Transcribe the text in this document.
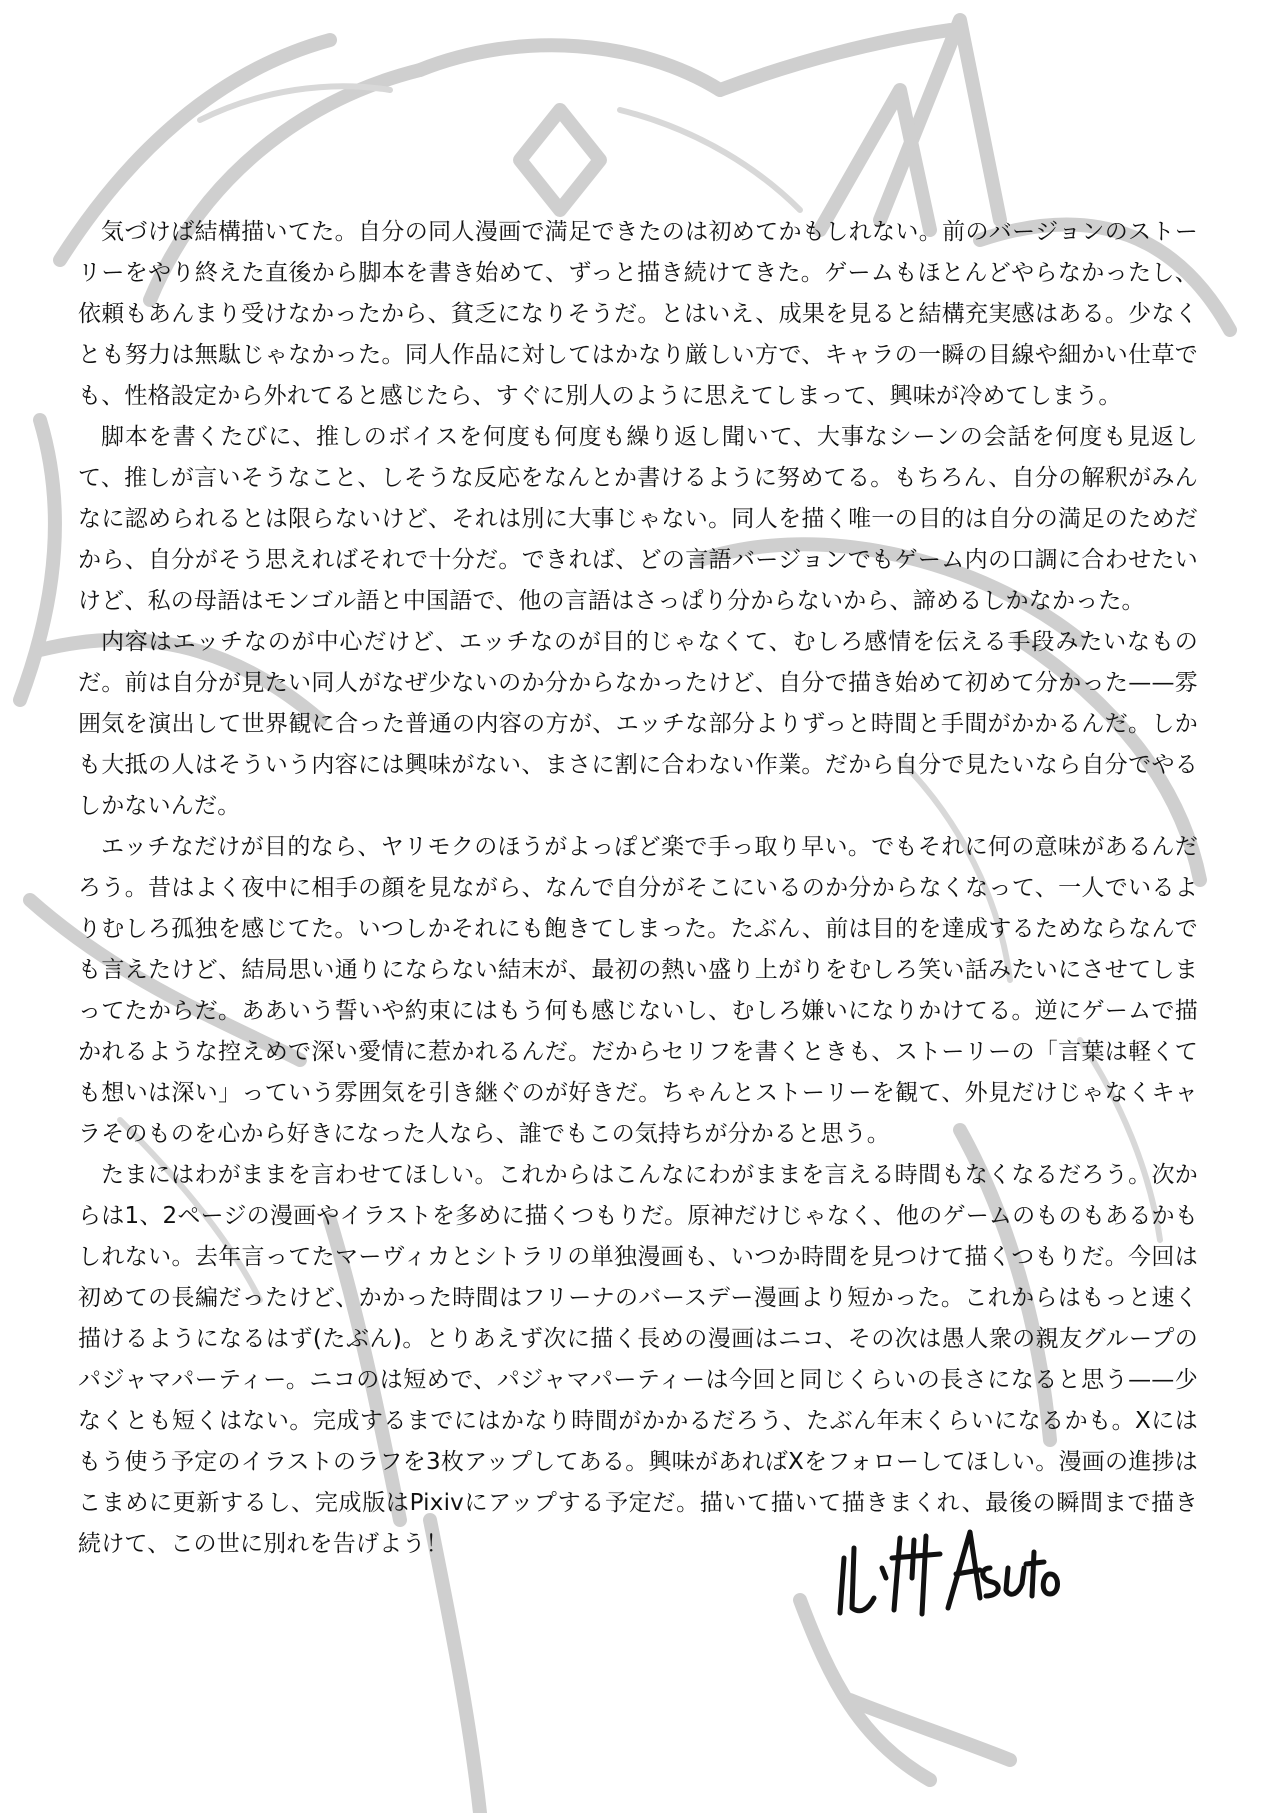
気づけば結構描いてた。自分の同人漫画で満足できたのは初めてかもしれない。前のバージョンのストーリーをやり終えた直後から脚本を書き始めて、ずっと描き続けてきた。ゲームもほとんどやらなかったし、依頼もあんまり受けなかったから、貧乏になりそうだ。とはいえ、成果を見ると結構充実感はある。少なくとも努力は無駄じゃなかった。同人作品に対してはかなり厳しい方で、キャラの一瞬の目線や細かい仕草でも、性格設定から外れてると感じたら、すぐに別人のように思えてしまって、興味が冷めてしまう。

脚本を書くたびに、推しのボイスを何度も何度も繰り返し聞いて、大事なシーンの会話を何度も見返して、推しが言いそうなこと、しそうな反応をなんとか書けるように努めてる。もちろん、自分の解釈がみんなに認められるとは限らないけど、それは別に大事じゃない。同人を描く唯一の目的は自分の満足のためだから、自分がそう思えればそれで十分だ。できれば、どの言語バージョンでもゲーム内の口調に合わせたいけど、私の母語はモンゴル語と中国語で、他の言語はさっぱり分からないから、諦めるしかなかった。

内容はエッチなのが中心だけど、エッチなのが目的じゃなくて、むしろ感情を伝える手段みたいなものだ。前は自分が見たい同人がなぜ少ないのか分からなかったけど、自分で描き始めて初めて分かった——雰囲気を演出して世界観に合った普通の内容の方が、エッチな部分よりずっと時間と手間がかかるんだ。しかも大抵の人はそういう内容には興味がない、まさに割に合わない作業。だから自分で見たいなら自分でやるしかないんだ。

エッチなだけが目的なら、ヤリモクのほうがよっぽど楽で手っ取り早い。でもそれに何の意味があるんだろう。昔はよく夜中に相手の顔を見ながら、なんで自分がそこにいるのか分からなくなって、一人でいるよりむしろ孤独を感じてた。いつしかそれにも飽きてしまった。たぶん、前は目的を達成するためならなんでも言えたけど、結局思い通りにならない結末が、最初の熱い盛り上がりをむしろ笑い話みたいにさせてしまってたからだ。ああいう誓いや約束にはもう何も感じないし、むしろ嫌いになりかけてる。逆にゲームで描かれるような控えめで深い愛情に惹かれるんだ。だからセリフを書くときも、ストーリーの「言葉は軽くても想いは深い」っていう雰囲気を引き継ぐのが好きだ。ちゃんとストーリーを観て、外見だけじゃなくキャラそのものを心から好きになった人なら、誰でもこの気持ちが分かると思う。

たまにはわがままを言わせてほしい。これからはこんなにわがままを言える時間もなくなるだろう。次からは1、2ページの漫画やイラストを多めに描くつもりだ。原神だけじゃなく、他のゲームのものもあるかもしれない。去年言ってたマーヴィカとシトラリの単独漫画も、いつか時間を見つけて描くつもりだ。今回は初めての長編だったけど、かかった時間はフリーナのバースデー漫画より短かった。これからはもっと速く描けるようになるはず(たぶん)。とりあえず次に描く長めの漫画はニコ、その次は愚人衆の親友グループのパジャマパーティー。ニコのは短めで、パジャマパーティーは今回と同じくらいの長さになると思う——少なくとも短くはない。完成するまでにはかなり時間がかかるだろう、たぶん年末くらいになるかも。Xにはもう使う予定のイラストのラフを3枚アップしてある。興味があればXをフォローしてほしい。漫画の進捗はこまめに更新するし、完成版はPixivにアップする予定だ。描いて描いて描きまくれ、最後の瞬間まで描き続けて、この世に別れを告げよう！
